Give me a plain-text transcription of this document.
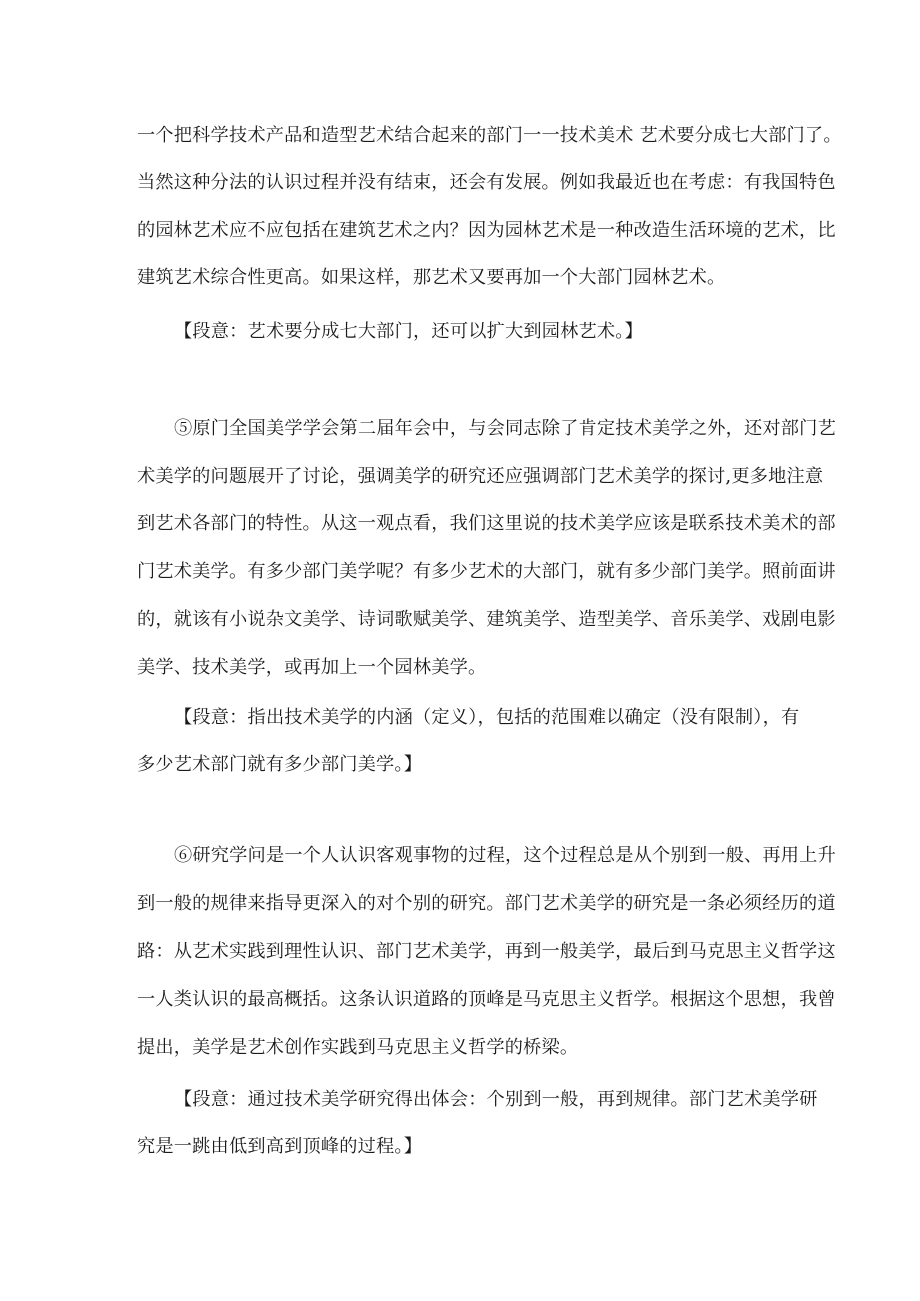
一个把科学技术产品和造型艺术结合起来的部门一一技术美术 艺术要分成七大部门了。
当然这种分法的认识过程并没有结束，还会有发展。例如我最近也在考虑：有我国特色
的园林艺术应不应包括在建筑艺术之内？因为园林艺术是一种改造生活环境的艺术，比
建筑艺术综合性更高。如果这样，那艺术又要再加一个大部门园林艺术。
【段意：艺术要分成七大部门，还可以扩大到园林艺术。】
⑤原门全国美学学会第二届年会中，与会同志除了肯定技术美学之外，还对部门艺
术美学的问题展开了讨论，强调美学的研究还应强调部门艺术美学的探讨,更多地注意
到艺术各部门的特性。从这一观点看，我们这里说的技术美学应该是联系技术美术的部
门艺术美学。有多少部门美学呢？有多少艺术的大部门，就有多少部门美学。照前面讲
的，就该有小说杂文美学、诗词歌赋美学、建筑美学、造型美学、音乐美学、戏剧电影
美学、技术美学，或再加上一个园林美学。
【段意：指出技术美学的内涵（定义），包括的范围难以确定（没有限制），有
多少艺术部门就有多少部门美学。】
⑥研究学问是一个人认识客观事物的过程，这个过程总是从个别到一般、再用上升
到一般的规律来指导更深入的对个别的研究。部门艺术美学的研究是一条必须经历的道
路：从艺术实践到理性认识、部门艺术美学，再到一般美学，最后到马克思主义哲学这
一人类认识的最高概括。这条认识道路的顶峰是马克思主义哲学。根据这个思想，我曾
提出，美学是艺术创作实践到马克思主义哲学的桥梁。
【段意：通过技术美学研究得出体会：个别到一般，再到规律。部门艺术美学研
究是一跳由低到高到顶峰的过程。】
